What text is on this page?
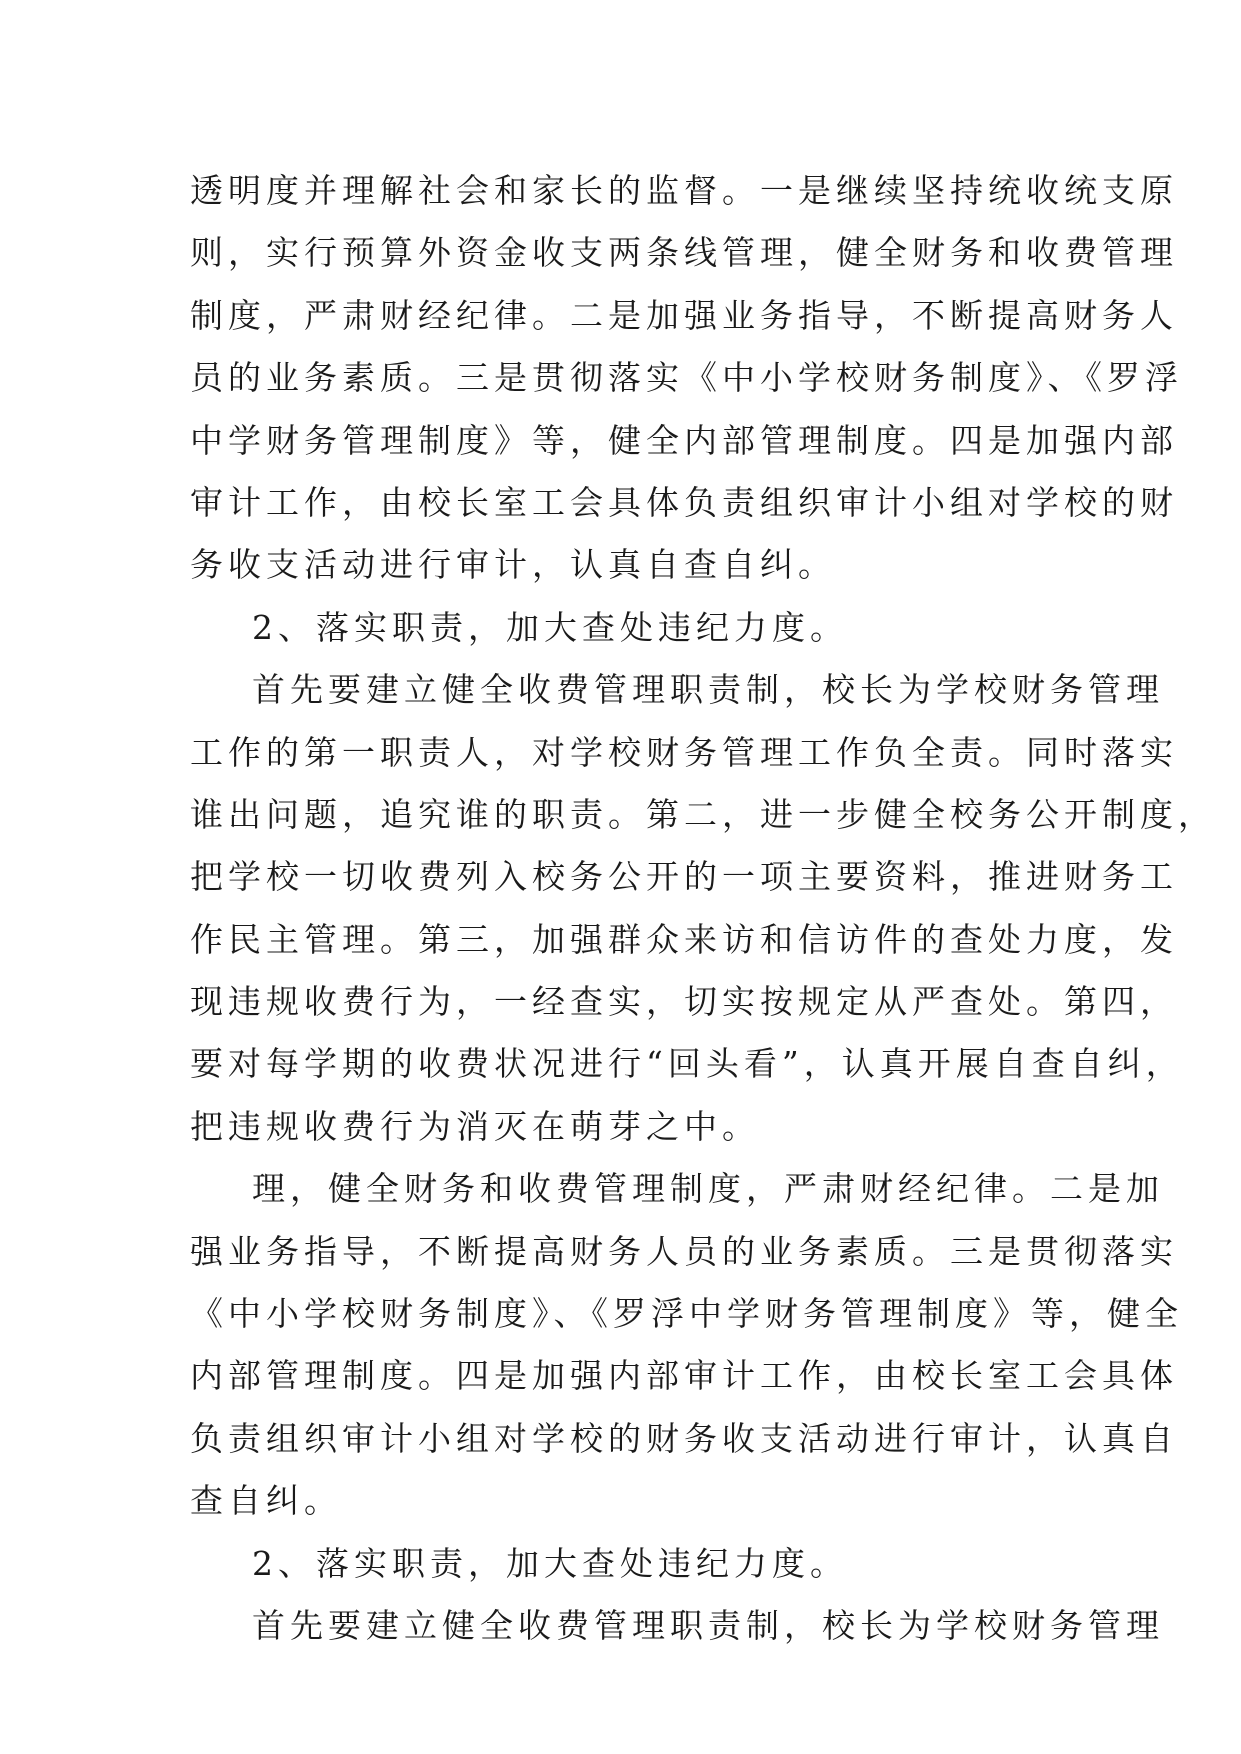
透明度并理解社会和家长的监督。一是继续坚持统收统支原
则，实行预算外资金收支两条线管理，健全财务和收费管理
制度，严肃财经纪律。二是加强业务指导，不断提高财务人
员的业务素质。三是贯彻落实《中小学校财务制度》、《罗浮
中学财务管理制度》等，健全内部管理制度。四是加强内部
审计工作，由校长室工会具体负责组织审计小组对学校的财
务收支活动进行审计，认真自查自纠。
2、落实职责，加大查处违纪力度。
首先要建立健全收费管理职责制，校长为学校财务管理
工作的第一职责人，对学校财务管理工作负全责。同时落实
谁出问题，追究谁的职责。第二，进一步健全校务公开制度，
把学校一切收费列入校务公开的一项主要资料，推进财务工
作民主管理。第三，加强群众来访和信访件的查处力度，发
现违规收费行为，一经查实，切实按规定从严查处。第四，
要对每学期的收费状况进行“回头看”，认真开展自查自纠，
把违规收费行为消灭在萌芽之中。
理，健全财务和收费管理制度，严肃财经纪律。二是加
强业务指导，不断提高财务人员的业务素质。三是贯彻落实
《中小学校财务制度》、《罗浮中学财务管理制度》等，健全
内部管理制度。四是加强内部审计工作，由校长室工会具体
负责组织审计小组对学校的财务收支活动进行审计，认真自
查自纠。
2、落实职责，加大查处违纪力度。
首先要建立健全收费管理职责制，校长为学校财务管理
